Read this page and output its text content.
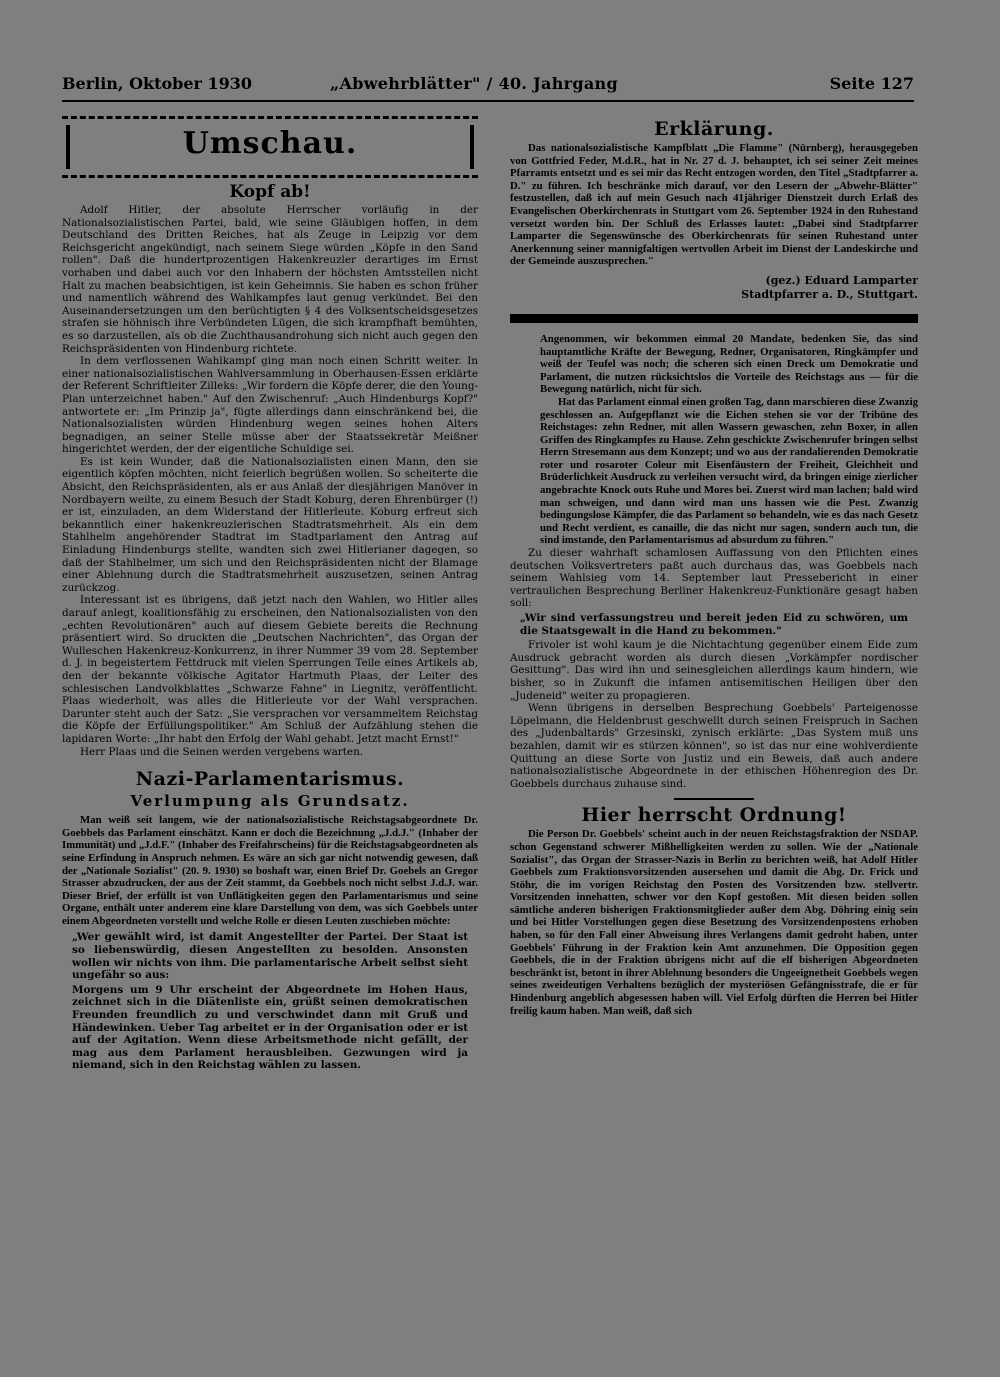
Berlin, Oktober 1930	„Abwehrblätter" / 40. Jahrgang	Seite 127
Umschau.
Kopf ab!

Adolf Hitler, der absolute Herrscher vorläufig in der Nationalsozialistischen Partei, bald, wie seine Gläubigen hoffen, in dem Deutschland des Dritten Reiches, hat als Zeuge in Leipzig vor dem Reichsgericht angekündigt, nach seinem Siege würden „Köpfe in den Sand rollen". Daß die hundertprozentigen Hakenkreuzler derartiges im Ernst vorhaben und dabei auch vor den Inhabern der höchsten Amtsstellen nicht Halt zu machen beabsichtigen, ist kein Geheimnis. Sie haben es schon früher und namentlich während des Wahlkampfes laut genug verkündet. Bei den Auseinandersetzungen um den berüchtigten § 4 des Volksentscheidsgesetzes strafen sie höhnisch ihre Verbündeten Lügen, die sich krampfhaft bemühten, es so darzustellen, als ob die Zuchthausandrohung sich nicht auch gegen den Reichspräsidenten von Hindenburg richtete.

In dem verflossenen Wahlkampf ging man noch einen Schritt weiter. In einer nationalsozialistischen Wahlversammlung in Oberhausen-Essen erklärte der Referent Schriftleiter Zilleks: „Wir fordern die Köpfe derer, die den Young-Plan unterzeichnet haben." Auf den Zwischenruf: „Auch Hindenburgs Kopf?" antwortete er: „Im Prinzip ja", fügte allerdings dann einschränkend bei, die Nationalsozialisten würden Hindenburg wegen seines hohen Alters begnadigen, an seiner Stelle müsse aber der Staatssekretär Meißner hingerichtet werden, der der eigentliche Schuldige sei.

Es ist kein Wunder, daß die Nationalsozialisten einen Mann, den sie eigentlich köpfen möchten, nicht feierlich begrüßen wollen. So scheiterte die Absicht, den Reichspräsidenten, als er aus Anlaß der diesjährigen Manöver in Nordbayern weilte, zu einem Besuch der Stadt Koburg, deren Ehrenbürger (!) er ist, einzuladen, an dem Widerstand der Hitlerleute. Koburg erfreut sich bekanntlich einer hakenkreuzlerischen Stadtratsmehrheit. Als ein dem Stahlhelm angehörender Stadtrat im Stadtparlament den Antrag auf Einladung Hindenburgs stellte, wandten sich zwei Hitlerianer dagegen, so daß der Stahlhelmer, um sich und den Reichspräsidenten nicht der Blamage einer Ablehnung durch die Stadtratsmehrheit auszusetzen, seinen Antrag zurückzog.

Interessant ist es übrigens, daß jetzt nach den Wahlen, wo Hitler alles darauf anlegt, koalitionsfähig zu erscheinen, den Nationalsozialisten von den „echten Revolutionären" auch auf diesem Gebiete bereits die Rechnung präsentiert wird. So druckten die „Deutschen Nachrichten", das Organ der Wulleschen Hakenkreuz-Konkurrenz, in ihrer Nummer 39 vom 28. September d. J. in begeistertem Fettdruck mit vielen Sperrungen Teile eines Artikels ab, den der bekannte völkische Agitator Hartmuth Plaas, der Leiter des schlesischen Landvolkblattes „Schwarze Fahne" in Liegnitz, veröffentlicht. Plaas wiederholt, was alles die Hitlerleute vor der Wahl versprachen. Darunter steht auch der Satz: „Sie versprachen vor versammeltem Reichstag die Köpfe der Erfüllungspolitiker." Am Schluß der Aufzählung stehen die lapidaren Worte: „Ihr habt den Erfolg der Wahl gehabt. Jetzt macht Ernst!"

Herr Plaas und die Seinen werden vergebens warten.

Nazi-Parlamentarismus.
Verlumpung als Grundsatz.

Man weiß seit langem, wie der nationalsozialistische Reichstagsabgeordnete Dr. Goebbels das Parlament einschätzt. Kann er doch die Bezeichnung „J.d.J." (Inhaber der Immunität) und „J.d.F." (Inhaber des Freifahrscheins) für die Reichstagsabgeordneten als seine Erfindung in Anspruch nehmen. Es wäre an sich gar nicht notwendig gewesen, daß der „Nationale Sozialist" (20. 9. 1930) so boshaft war, einen Brief Dr. Goebels an Gregor Strasser abzudrucken, der aus der Zeit stammt, da Goebbels noch nicht selbst J.d.J. war. Dieser Brief, der erfüllt ist von Unflätigkeiten gegen den Parlamentarismus und seine Organe, enthält unter anderem eine klare Darstellung von dem, was sich Goebbels unter einem Abgeordneten vorstellt und welche Rolle er diesen Leuten zuschieben möchte:

„Wer gewählt wird, ist damit Angestellter der Partei. Der Staat ist so liebenswürdig, diesen Angestellten zu besolden. Ansonsten wollen wir nichts von ihm. Die parlamentarische Arbeit selbst sieht ungefähr so aus:

Morgens um 9 Uhr erscheint der Abgeordnete im Hohen Haus, zeichnet sich in die Diätenliste ein, grüßt seinen demokratischen Freunden freundlich zu und verschwindet dann mit Gruß und Händewinken. Ueber Tag arbeitet er in der Organisation oder er ist auf der Agitation. Wenn diese Arbeitsmethode nicht gefällt, der mag aus dem Parlament herausbleiben. Gezwungen wird ja niemand, sich in den Reichstag wählen zu lassen.

Erklärung.

Das nationalsozialistische Kampfblatt „Die Flamme" (Nürnberg), herausgegeben von Gottfried Feder, M.d.R., hat in Nr. 27 d. J. behauptet, ich sei seiner Zeit meines Pfarramts entsetzt und es sei mir das Recht entzogen worden, den Titel „Stadtpfarrer a. D." zu führen. Ich beschränke mich darauf, vor den Lesern der „Abwehr-Blätter" festzustellen, daß ich auf mein Gesuch nach 41jähriger Dienstzeit durch Erlaß des Evangelischen Oberkirchenrats in Stuttgart vom 26. September 1924 in den Ruhestand versetzt worden bin. Der Schluß des Erlasses lautet: „Dabei sind Stadtpfarrer Lamparter die Segenswünsche des Oberkirchenrats für seinen Ruhestand unter Anerkennung seiner mannigfaltigen wertvollen Arbeit im Dienst der Landeskirche und der Gemeinde auszusprechen."

(gez.) Eduard Lamparter
Stadtpfarrer a. D., Stuttgart.

Angenommen, wir bekommen einmal 20 Mandate, bedenken Sie, das sind hauptamtliche Kräfte der Bewegung, Redner, Organisatoren, Ringkämpfer und weiß der Teufel was noch; die scheren sich einen Dreck um Demokratie und Parlament, die nutzen rücksichtslos die Vorteile des Reichstags aus — für die Bewegung natürlich, nicht für sich.

Hat das Parlament einmal einen großen Tag, dann marschieren diese Zwanzig geschlossen an. Aufgepflanzt wie die Eichen stehen sie vor der Tribüne des Reichstages: zehn Redner, mit allen Wassern gewaschen, zehn Boxer, in allen Griffen des Ringkampfes zu Hause. Zehn geschickte Zwischenrufer bringen selbst Herrn Stresemann aus dem Konzept; und wo aus der randalierenden Demokratie roter und rosaroter Coleur mit Eisenfäustern der Freiheit, Gleichheit und Brüderlichkeit Ausdruck zu verleihen versucht wird, da bringen einige zierlicher angebrachte Knock outs Ruhe und Mores bei. Zuerst wird man lachen; bald wird man schweigen, und dann wird man uns hassen wie die Pest. Zwanzig bedingungslose Kämpfer, die das Parlament so behandeln, wie es das nach Gesetz und Recht verdient, es canaille, die das nicht nur sagen, sondern auch tun, die sind imstande, den Parlamentarismus ad absurdum zu führen."

Zu dieser wahrhaft schamlosen Auffassung von den Pflichten eines deutschen Volksvertreters paßt auch durchaus das, was Goebbels nach seinem Wahlsieg vom 14. September laut Pressebericht in einer vertraulichen Besprechung Berliner Hakenkreuz-Funktionäre gesagt haben soll:

„Wir sind verfassungstreu und bereit jeden Eid zu schwören, um die Staatsgewalt in die Hand zu bekommen."

Frivoler ist wohl kaum je die Nichtachtung gegenüber einem Eide zum Ausdruck gebracht worden als durch diesen „Vorkämpfer nordischer Gesittung". Das wird ihn und seinesgleichen allerdings kaum hindern, wie bisher, so in Zukunft die infamen antisemitischen Heiligen über den „Judeneid" weiter zu propagieren.

Wenn übrigens in derselben Besprechung Goebbels' Parteigenosse Löpelmann, die Heldenbrust geschwellt durch seinen Freispruch in Sachen des „Judenbaltards" Grzesinski, zynisch erklärte: „Das System muß uns bezahlen, damit wir es stürzen können", so ist das nur eine wohlverdiente Quittung an diese Sorte von Justiz und ein Beweis, daß auch andere nationalsozialistische Abgeordnete in der ethischen Höhenregion des Dr. Goebbels durchaus zuhause sind.

Hier herrscht Ordnung!

Die Person Dr. Goebbels' scheint auch in der neuen Reichstagsfraktion der NSDAP. schon Gegenstand schwerer Mißhelligkeiten werden zu sollen. Wie der „Nationale Sozialist", das Organ der Strasser-Nazis in Berlin zu berichten weiß, hat Adolf Hitler Goebbels zum Fraktionsvorsitzenden ausersehen und damit die Abg. Dr. Frick und Stöhr, die im vorigen Reichstag den Posten des Vorsitzenden bzw. stellvertr. Vorsitzenden innehatten, schwer vor den Kopf gestoßen. Mit diesen beiden sollen sämtliche anderen bisherigen Fraktionsmitglieder außer dem Abg. Döhring einig sein und bei Hitler Vorstellungen gegen diese Besetzung des Vorsitzendenpostens erhoben haben, so für den Fall einer Abweisung ihres Verlangens damit gedroht haben, unter Goebbels' Führung in der Fraktion kein Amt anzunehmen. Die Opposition gegen Goebbels, die in der Fraktion übrigens nicht auf die elf bisherigen Abgeordneten beschränkt ist, betont in ihrer Ablehnung besonders die Ungeeignetheit Goebbels wegen seines zweideutigen Verhaltens bezüglich der mysteriösen Gefängnisstrafe, die er für Hindenburg angeblich abgesessen haben will. Viel Erfolg dürften die Herren bei Hitler freilig kaum haben. Man weiß, daß sich
